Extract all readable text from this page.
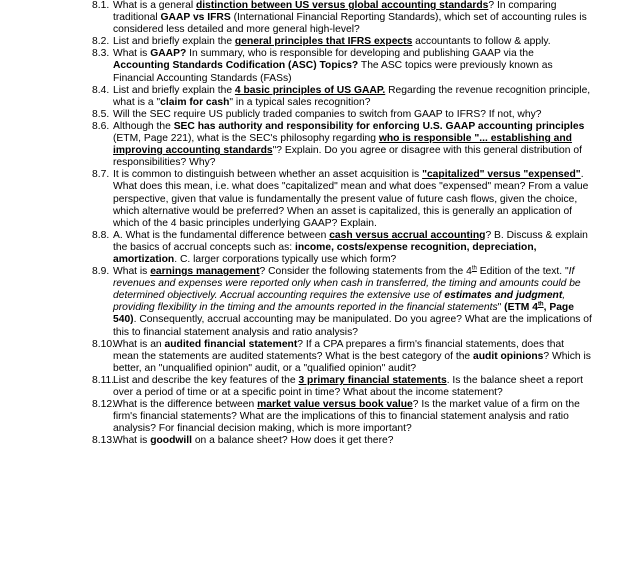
8.1. What is a general distinction between US versus global accounting standards? In comparing traditional GAAP vs IFRS (International Financial Reporting Standards), which set of accounting rules is considered less detailed and more general high-level?
8.2. List and briefly explain the general principles that IFRS expects accountants to follow & apply.
8.3. What is GAAP? In summary, who is responsible for developing and publishing GAAP via the Accounting Standards Codification (ASC) Topics? The ASC topics were previously known as Financial Accounting Standards (FASs)
8.4. List and briefly explain the 4 basic principles of US GAAP. Regarding the revenue recognition principle, what is a "claim for cash" in a typical sales recognition?
8.5. Will the SEC require US publicly traded companies to switch from GAAP to IFRS? If not, why?
8.6. Although the SEC has authority and responsibility for enforcing U.S. GAAP accounting principles (ETM, Page 221), what is the SEC's philosophy regarding who is responsible "... establishing and improving accounting standards"? Explain. Do you agree or disagree with this general distribution of responsibilities? Why?
8.7. It is common to distinguish between whether an asset acquisition is "capitalized" versus "expensed". What does this mean, i.e. what does "capitalized" mean and what does "expensed" mean? From a value perspective, given that value is fundamentally the present value of future cash flows, given the choice, which alternative would be preferred? When an asset is capitalized, this is generally an application of which of the 4 basic principles underlying GAAP? Explain.
8.8. A. What is the fundamental difference between cash versus accrual accounting? B. Discuss & explain the basics of accrual concepts such as: income, costs/expense recognition, depreciation, amortization. C. larger corporations typically use which form?
8.9. What is earnings management? Consider the following statements from the 4th Edition of the text. "If revenues and expenses were reported only when cash in transferred, the timing and amounts could be determined objectively. Accrual accounting requires the extensive use of estimates and judgment, providing flexibility in the timing and the amounts reported in the financial statements" (ETM 4th, Page 540). Consequently, accrual accounting may be manipulated. Do you agree? What are the implications of this to financial statement analysis and ratio analysis?
8.10.
What is an audited financial statement? If a CPA prepares a firm's financial statements, does that mean the statements are audited statements? What is the best category of the audit opinions? Which is better, an "unqualified opinion" audit, or a "qualified opinion" audit?
8.11.
List and describe the key features of the 3 primary financial statements. Is the balance sheet a report over a period of time or at a specific point in time? What about the income statement?
8.12.
What is the difference between market value versus book value? Is the market value of a firm on the firm's financial statements? What are the implications of this to financial statement analysis and ratio analysis? For financial decision making, which is more important?
8.13.
What is goodwill on a balance sheet? How does it get there?
